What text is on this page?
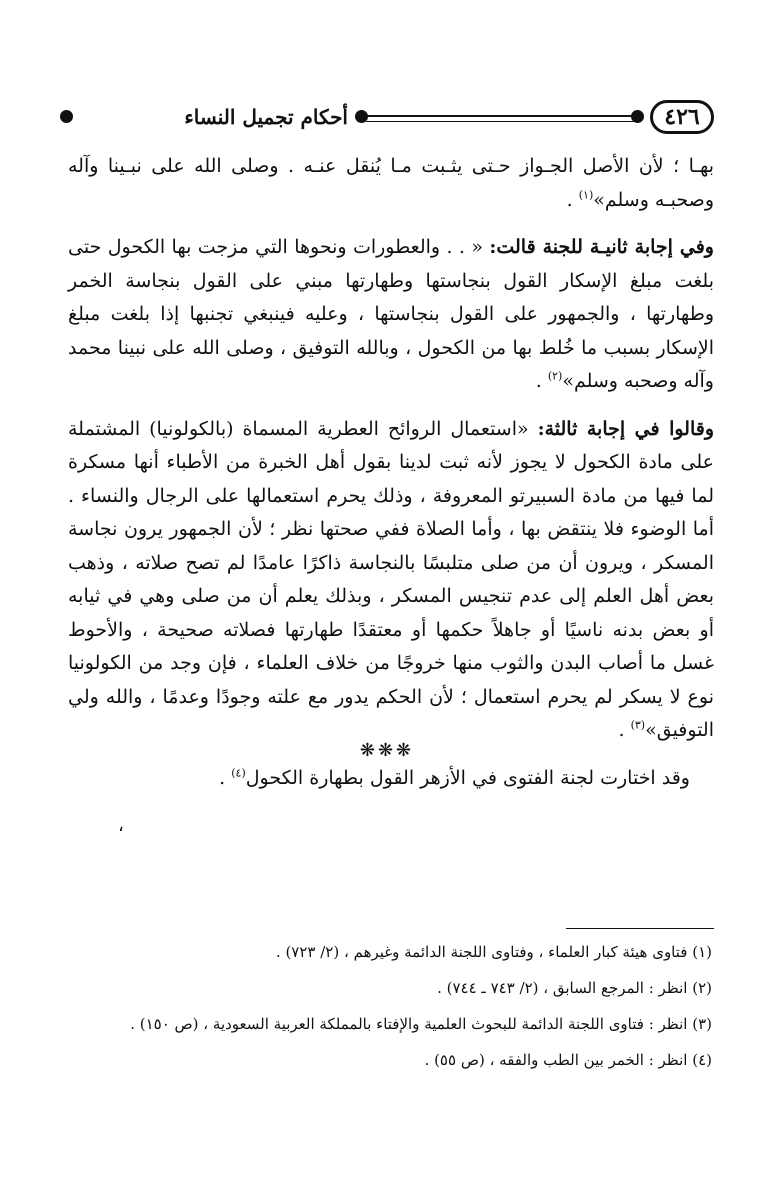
٤٢٦
أحكام تجميل النساء

بهـا ؛ لأن الأصل الجـواز حـتى يثـبت مـا يُنقل عنـه . وصلى الله على نبـينا وآله وصحبـه وسلم»$^{(١)}$ .

وفي إجابة ثانيـة للجنة قالت: « . . والعطورات ونحوها التي مزجت بها الكحول حتى بلغت مبلغ الإسكار القول بنجاستها وطهارتها مبني على القول بنجاسة الخمر وطهارتها ، والجمهور على القول بنجاستها ، وعليه فينبغي تجنبها إذا بلغت مبلغ الإسكار بسبب ما خُلط بها من الكحول ، وبالله التوفيق ، وصلى الله على نبينا محمد وآله وصحبه وسلم»$^{(٢)}$ .

وقالوا في إجابة ثالثة: «استعمال الروائح العطرية المسماة (بالكولونيا) المشتملة على مادة الكحول لا يجوز لأنه ثبت لدينا بقول أهل الخبرة من الأطباء أنها مسكرة لما فيها من مادة السبيرتو المعروفة ، وذلك يحرم استعمالها على الرجال والنساء . أما الوضوء فلا ينتقض بها ، وأما الصلاة ففي صحتها نظر ؛ لأن الجمهور يرون نجاسة المسكر ، ويرون أن من صلى متلبسًا بالنجاسة ذاكرًا عامدًا لم تصح صلاته ، وذهب بعض أهل العلم إلى عدم تنجيس المسكر ، وبذلك يعلم أن من صلى وهي في ثيابه أو بعض بدنه ناسيًا أو جاهلاً حكمها أو معتقدًا طهارتها فصلاته صحيحة ، والأحوط غسل ما أصاب البدن والثوب منها خروجًا من خلاف العلماء ، فإن وجد من الكولونيا نوع لا يسكر لم يحرم استعمال ؛ لأن الحكم يدور مع علته وجودًا وعدمًا ، والله ولي التوفيق»$^{(٣)}$ .

وقد اختارت لجنة الفتوى في الأزهر القول بطهارة الكحول$^{(٤)}$ .

❋❋❋
،

(١) فتاوى هيئة كبار العلماء ، وفتاوى اللجنة الدائمة وغيرهم ، (٢/ ٧٢٣) .

(٢) انظر : المرجع السابق ، (٢/ ٧٤٣ ـ ٧٤٤) .

(٣) انظر : فتاوى اللجنة الدائمة للبحوث العلمية والإفتاء بالمملكة العربية السعودية ، (ص ١٥٠) .

(٤) انظر : الخمر بين الطب والفقه ، (ص ٥٥) .
